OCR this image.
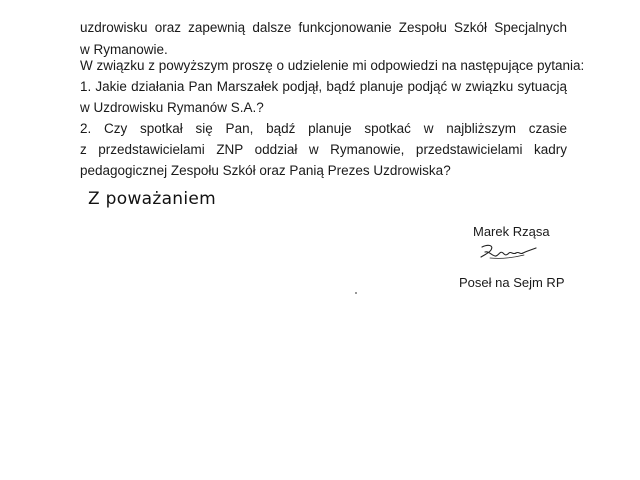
uzdrowisku oraz zapewnią dalsze funkcjonowanie Zespołu Szkół Specjalnych
w Rymanowie.
W związku z powyższym proszę o udzielenie mi odpowiedzi na następujące pytania:
1. Jakie działania Pan Marszałek podjął, bądź planuje podjąć w związku sytuacją
w Uzdrowisku Rymanów S.A.?
2. Czy spotkał się Pan, bądź planuje spotkać w najbliższym czasie
z przedstawicielami ZNP oddział w Rymanowie, przedstawicielami kadry
pedagogicznej Zespołu Szkół oraz Panią Prezes Uzdrowiska?
Z poważaniem
Marek Rząsa
Poseł na Sejm RP
